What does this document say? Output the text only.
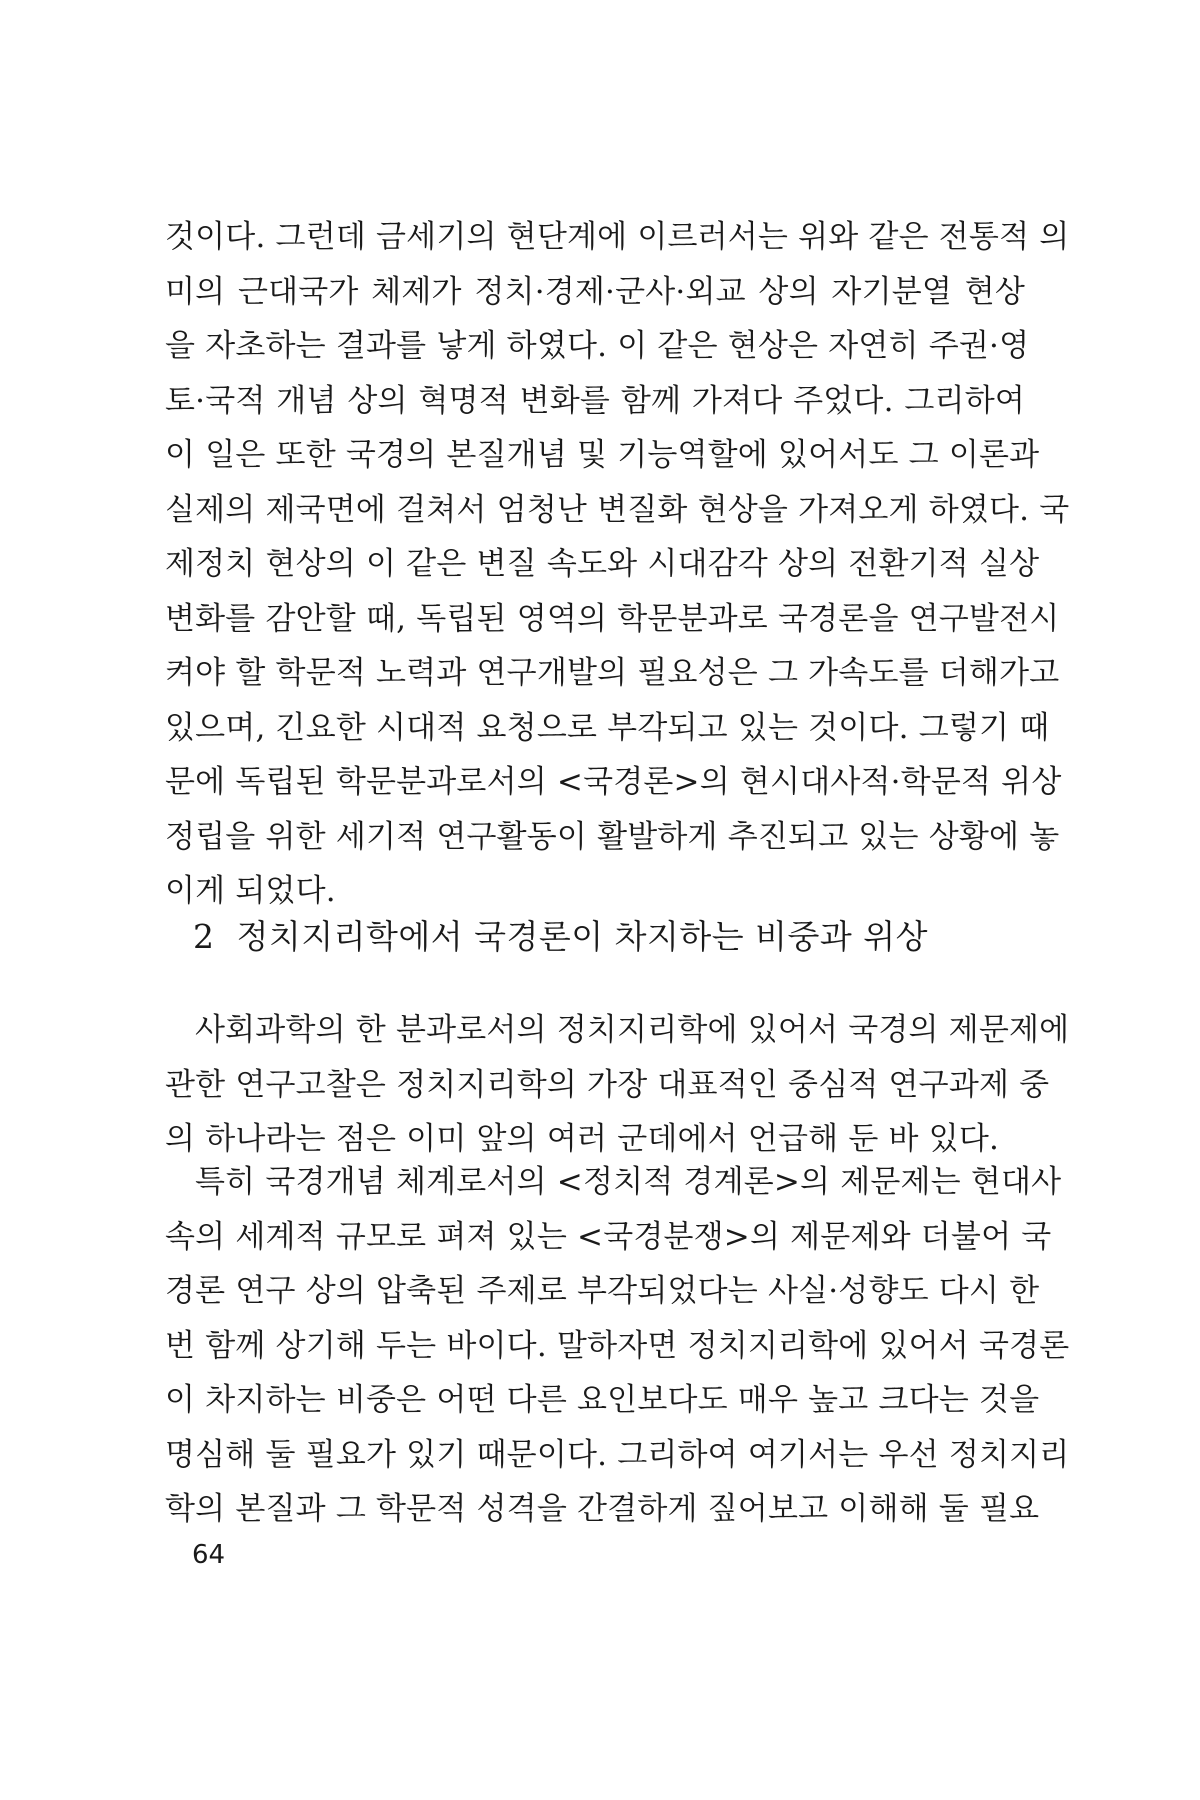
것이다. 그런데 금세기의 현단계에 이르러서는 위와 같은 전통적 의
미의 근대국가 체제가 정치·경제·군사·외교 상의 자기분열 현상
을 자초하는 결과를 낳게 하였다. 이 같은 현상은 자연히 주권·영
토·국적 개념 상의 혁명적 변화를 함께 가져다 주었다. 그리하여
이 일은 또한 국경의 본질개념 및 기능역할에 있어서도 그 이론과
실제의 제국면에 걸쳐서 엄청난 변질화 현상을 가져오게 하였다. 국
제정치 현상의 이 같은 변질 속도와 시대감각 상의 전환기적 실상
변화를 감안할 때, 독립된 영역의 학문분과로 국경론을 연구발전시
켜야 할 학문적 노력과 연구개발의 필요성은 그 가속도를 더해가고
있으며, 긴요한 시대적 요청으로 부각되고 있는 것이다. 그렇기 때
문에 독립된 학문분과로서의 <국경론>의 현시대사적·학문적 위상
정립을 위한 세기적 연구활동이 활발하게 추진되고 있는 상황에 놓
이게 되었다.
2 정치지리학에서 국경론이 차지하는 비중과 위상
사회과학의 한 분과로서의 정치지리학에 있어서 국경의 제문제에
관한 연구고찰은 정치지리학의 가장 대표적인 중심적 연구과제 중
의 하나라는 점은 이미 앞의 여러 군데에서 언급해 둔 바 있다.
특히 국경개념 체계로서의 <정치적 경계론>의 제문제는 현대사
속의 세계적 규모로 펴져 있는 <국경분쟁>의 제문제와 더불어 국
경론 연구 상의 압축된 주제로 부각되었다는 사실·성향도 다시 한
번 함께 상기해 두는 바이다. 말하자면 정치지리학에 있어서 국경론
이 차지하는 비중은 어떤 다른 요인보다도 매우 높고 크다는 것을
명심해 둘 필요가 있기 때문이다. 그리하여 여기서는 우선 정치지리
학의 본질과 그 학문적 성격을 간결하게 짚어보고 이해해 둘 필요
64
